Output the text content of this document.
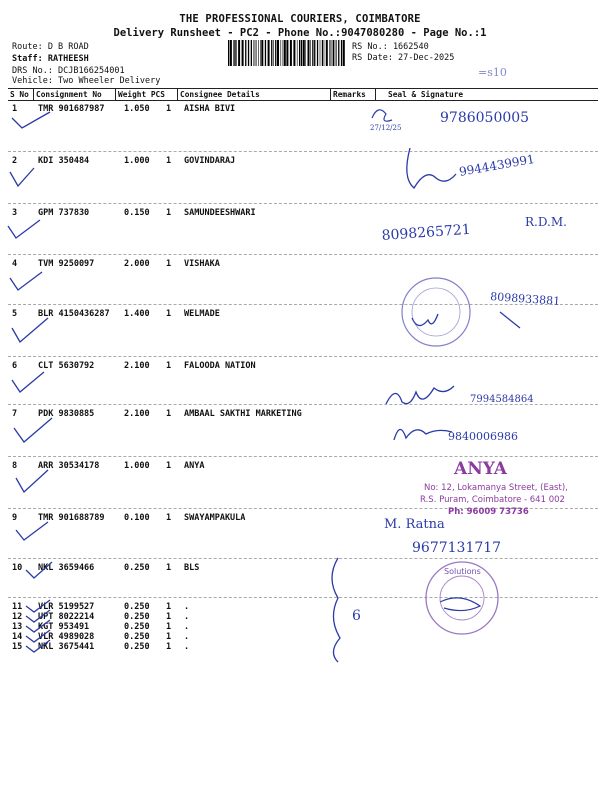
THE PROFESSIONAL COURIERS, COIMBATORE
Delivery Runsheet - PC2 - Phone No.:9047080280 - Page No.:1
Route: D B ROAD
Staff: RATHEESH
DRS No.: DCJB166254001
Vehicle: Two Wheeler Delivery
RS No.: 1662540
RS Date: 27-Dec-2025
S No Consignment No Weight PCS Consignee Details	Remarks	Seal & Signature
1 TMR 901687987 1.050 1 AISHA BIVI
2 KDI 350484	1.000 1 GOVINDARAJ
3 GPM 737830	0.150 1 SAMUNDEESHWARI
4 TVM 9250097	2.000 1 VISHAKA
5 BLR 4150436287 1.400 1 WELMADE
6 CLT 5630792	2.100 1 FALOODA NATION
7 PDK 9830885	2.100 1 AMBAAL SAKTHI MARKETING
8 ARR 30534178	1.000 1 ANYA
9 TMR 901688789 0.100 1 SWAYAMPAKULA
10 NKL 3659466	0.250 1 BLS
11 VLR 5199527	0.250 1 .
12 UPT 8022214	0.250 1 .
13 KGT 953491	0.250 1 .
14 VLR 4989028	0.250 1 .
15 NKL 3675441	0.250 1 .
=s10
27/12/25
9786050005
9944439991
8098265721	R.D.M.
8098933881
7994584864
9840006986
M. Ratna
9677131717
6
ANYA
No: 12, Lokamanya Street, (East),
R.S. Puram, Coimbatore - 641 002
Ph: 96009 73736
Solutions
